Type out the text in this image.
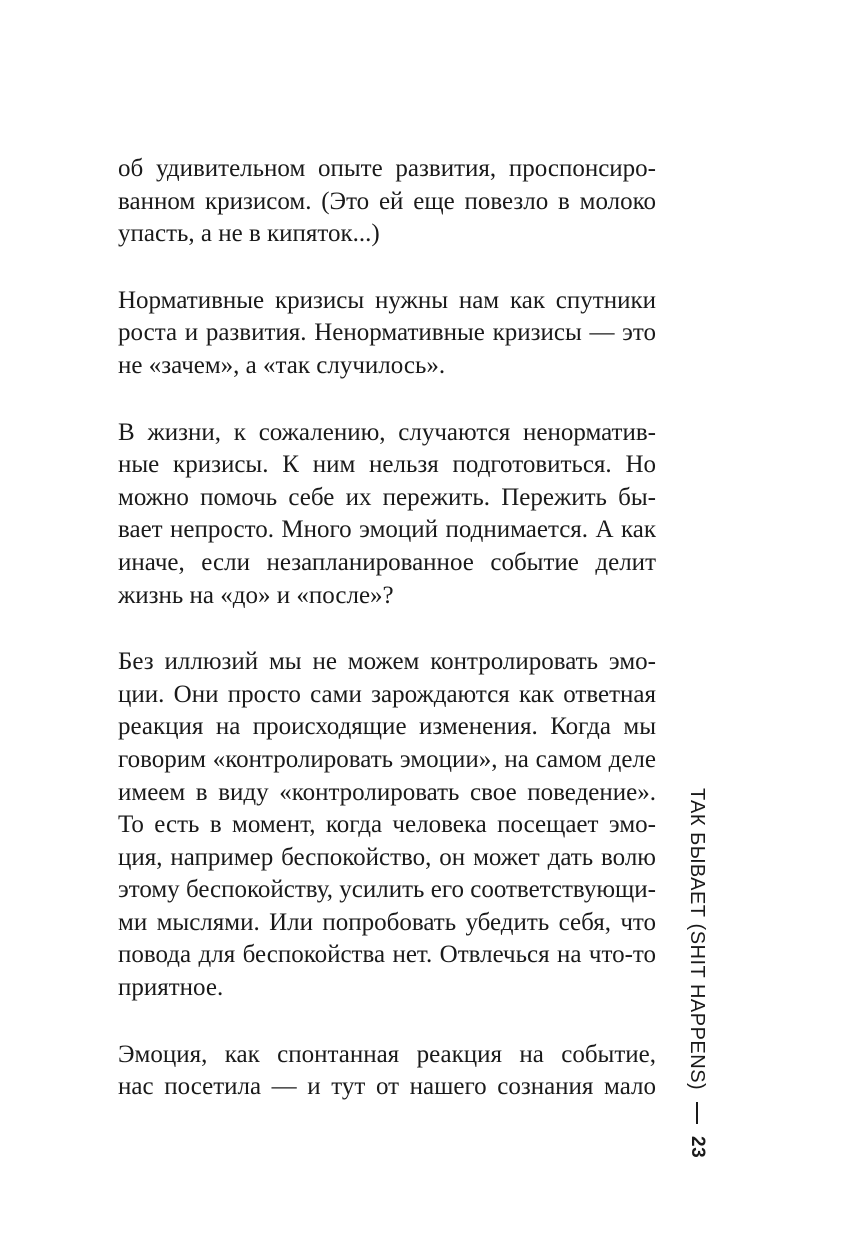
об удивительном опыте развития, проспонсиро-
ванном кризисом. (Это ей еще повезло в молоко
упасть, а не в кипяток...)
Нормативные кризисы нужны нам как спутники
роста и развития. Ненормативные кризисы — это
не «зачем», а «так случилось».
В жизни, к сожалению, случаются ненорматив-
ные кризисы. К ним нельзя подготовиться. Но
можно помочь себе их пережить. Пережить бы-
вает непросто. Много эмоций поднимается. А как
иначе, если незапланированное событие делит
жизнь на «до» и «после»?
Без иллюзий мы не можем контролировать эмо-
ции. Они просто сами зарождаются как ответная
реакция на происходящие изменения. Когда мы
говорим «контролировать эмоции», на самом деле
имеем в виду «контролировать свое поведение».
То есть в момент, когда человека посещает эмо-
ция, например беспокойство, он может дать волю
этому беспокойству, усилить его соответствующи-
ми мыслями. Или попробовать убедить себя, что
повода для беспокойства нет. Отвлечься на что-то
приятное.
Эмоция, как спонтанная реакция на событие,
нас посетила — и тут от нашего сознания мало ТАК БЫВАЕТ (SHIT HAPPENS)
23
